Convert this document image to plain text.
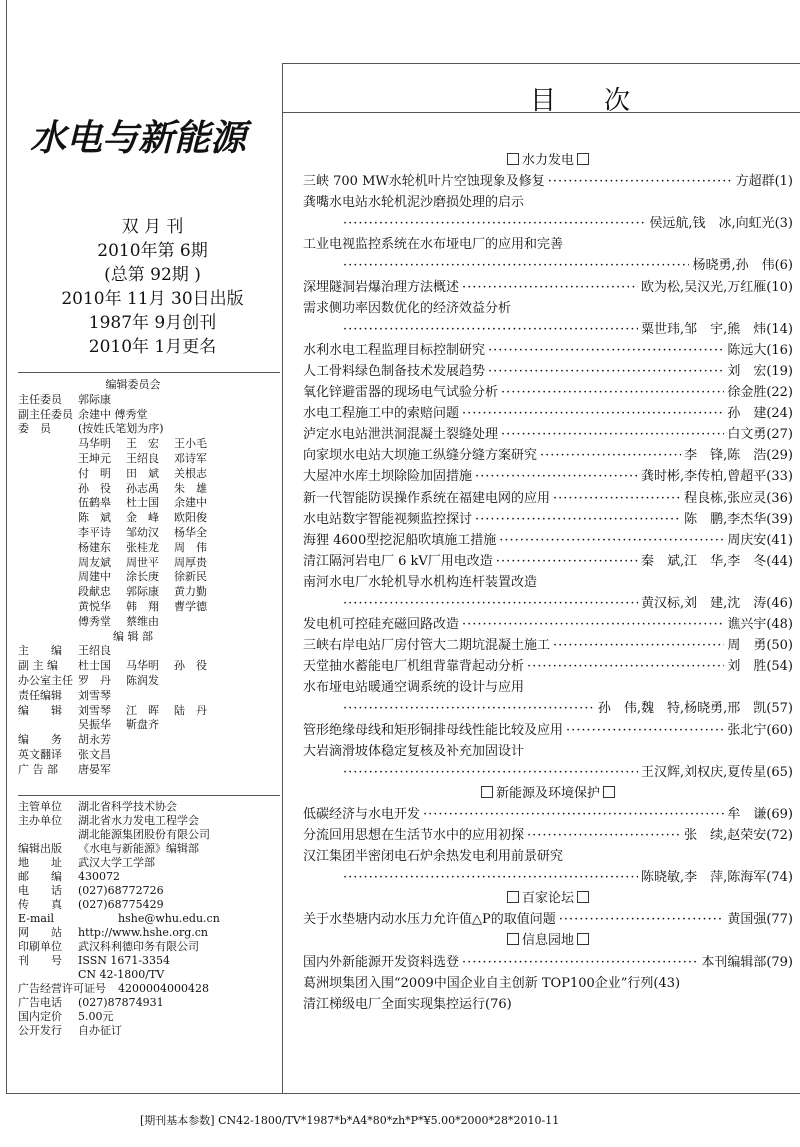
水电与新能源
双 月 刊
2010年第 6期
(总第 92期 )
2010年 11月 30日出版
1987年 9月创刊
2010年 1月更名
编辑委员会
主任委员	郭际康
副主任委员 余建中 傅秀堂
委　员	(按姓氏笔划为序)
马华明 王　宏 王小毛
王坤元 王绍良 邓诗军
付　明 田　斌 关根志
孙　役 孙志禹 朱　雄
伍鹤皋 杜士国 余建中
陈　斌 金　峰 欧阳俊
李平诗 邹幼汉 杨华全
杨建东 张桂龙 周　伟
周友斌 周世平 周厚贵
周建中 涂长庚 徐新民
段献忠 郭际康 黄力勤
黄悦华 韩　翔 曹学德
傅秀堂 蔡维由
编 辑 部
主　　编	王绍良
副 主 编	杜士国 马华明 孙　役
办公室主任 罗　丹 陈润发
责任编辑	刘雪琴
编　　辑	刘雪琴 江　晖 陆　丹
吴振华 靳盘齐
编　　务	胡永芳
英文翻译	张文昌
广 告 部	唐晏军
主管单位	湖北省科学技术协会
主办单位	湖北省水力发电工程学会
湖北能源集团股份有限公司
编辑出版	《水电与新能源》编辑部
地　　址	武汉大学工学部
邮　　编	430072
电　　话	(027)68772726
传　　真	(027)68775429
E-mail	hshe@whu.edu.cn
网　　站	http://www.hshe.org.cn
印刷单位	武汉科利德印务有限公司
刊　　号	ISSN 1671-3354
CN 42-1800/TV
广告经营许可证号	4200004000428
广告电话	(027)87874931
国内定价	5.00元
公开发行	自办征订
目 次
水力发电
三峡 700 MW水轮机叶片空蚀现象及修复 ·····	方超群(1)
龚嘴水电站水轮机泥沙磨损处理的启示
·····
侯远航,钱　冰,向虹光(3)
工业电视监控系统在水布垭电厂的应用和完善
·····
杨晓勇,孙　伟(6)
深埋隧洞岩爆治理方法概述 ·····	欧为松,吴汉光,万红雁(10)
需求侧功率因数优化的经济效益分析
·····
粟世玮,邹　宇,熊　炜(14)
水利水电工程监理目标控制研究 ·····	陈远大(16)
人工骨料绿色制备技术发展趋势 ·····	刘　宏(19)
氧化锌避雷器的现场电气试验分析 ·····	徐金胜(22)
水电工程施工中的索赔问题 ·····	孙　建(24)
泸定水电站泄洪洞混凝土裂缝处理 ·····	白文勇(27)
向家坝水电站大坝施工纵缝分缝方案研究 ·····	李　锋,陈　浩(29)
大屋冲水库土坝除险加固措施 ·····	龚时彬,李传柏,曾超平(33)
新一代智能防误操作系统在福建电网的应用 ·····	程良栋,张应灵(36)
水电站数字智能视频监控探讨 ·····	陈　鹏,李杰华(39)
海狸 4600型挖泥船吹填施工措施 ·····	周庆安(41)
清江隔河岩电厂 6 kV厂用电改造 ·····	秦　斌,江　华,李　冬(44)
南河水电厂水轮机导水机构连杆装置改造
·····
黄汉标,刘　建,沈　涛(46)
发电机可控硅充磁回路改造 ·····	谯兴宇(48)
三峡右岸电站厂房付管大二期坑混凝土施工 ·····	周　勇(50)
天堂抽水蓄能电厂机组背靠背起动分析 ·····	刘　胜(54)
水布垭电站暖通空调系统的设计与应用
·····
孙　伟,魏　特,杨晓勇,邢　凯(57)
管形绝缘母线和矩形铜排母线性能比较及应用 ·····	张北宁(60)
大岩滴滑坡体稳定复核及补充加固设计
·····
王汉辉,刘权庆,夏传星(65)
新能源及环境保护
低碳经济与水电开发 ·····	牟　谦(69)
分流回用思想在生活节水中的应用初探 ·····	张　续,赵荣安(72)
汉江集团半密闭电石炉余热发电利用前景研究
·····
陈晓敏,李　萍,陈海军(74)
百家论坛
关于水垫塘内动水压力允许值△P的取值问题 ·····	黄国强(77)
信息园地
国内外新能源开发资料选登 ·····	本刊编辑部(79)
葛洲坝集团入围“2009中国企业自主创新 TOP100企业”行列(43)
清江梯级电厂全面实现集控运行(76)
[期刊基本参数] CN42-1800/TV*1987*b*A4*80*zh*P*¥5.00*2000*28*2010-11
